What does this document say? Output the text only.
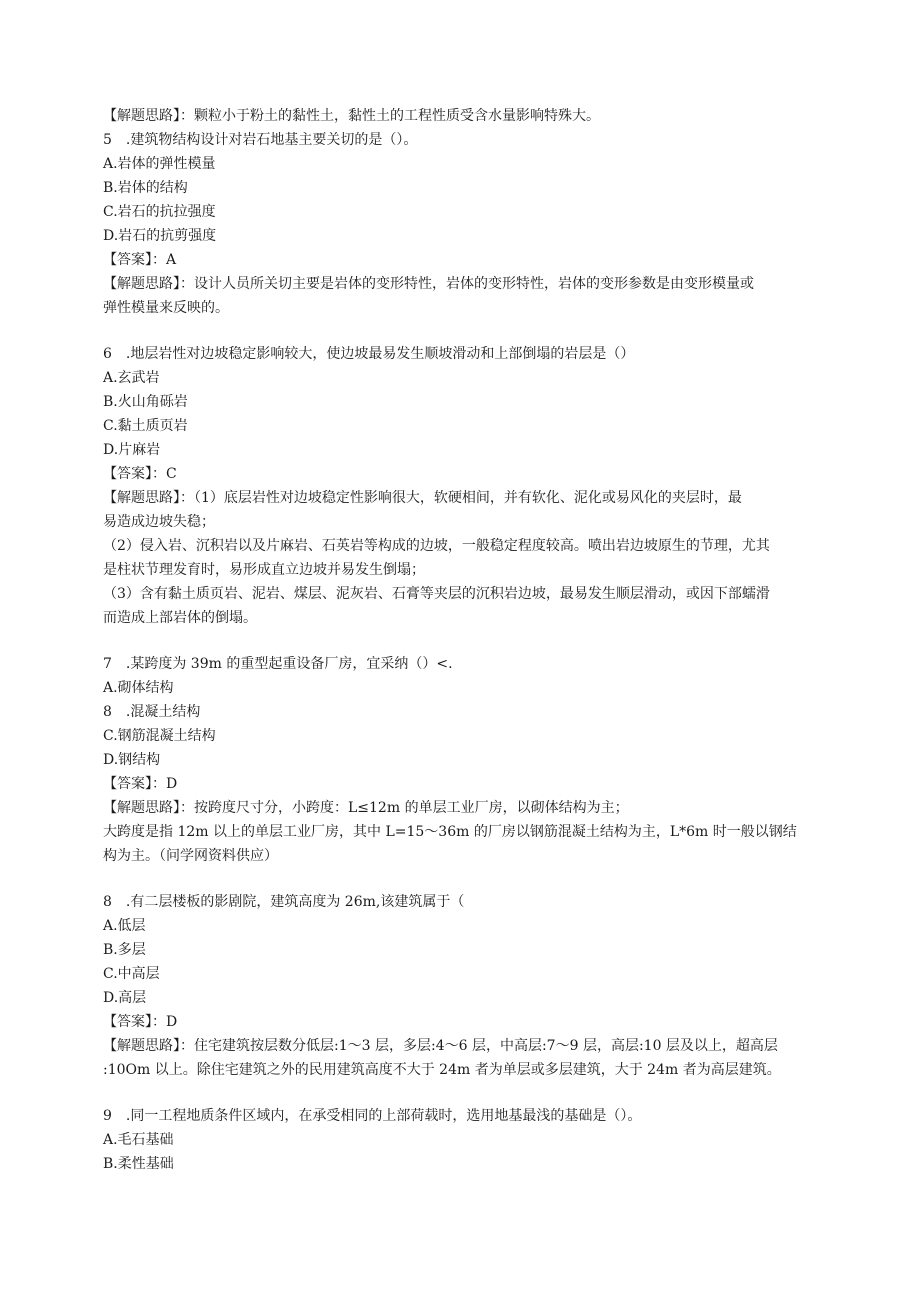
【解题思路】：颗粒小于粉土的黏性土，黏性土的工程性质受含水量影响特殊大。
5　.建筑物结构设计对岩石地基主要关切的是（）。
A.岩体的弹性模量
B.岩体的结构
C.岩石的抗拉强度
D.岩石的抗剪强度
【答案】：A
【解题思路】：设计人员所关切主要是岩体的变形特性，岩体的变形特性，岩体的变形参数是由变形模量或
弹性模量来反映的。
6　.地层岩性对边坡稳定影响较大，使边坡最易发生顺坡滑动和上部倒塌的岩层是（）
A.玄武岩
B.火山角砾岩
C.黏土质页岩
D.片麻岩
【答案】：C
【解题思路】：（1）底层岩性对边坡稳定性影响很大，软硬相间，并有软化、泥化或易风化的夹层时，最
易造成边坡失稳；
（2）侵入岩、沉积岩以及片麻岩、石英岩等构成的边坡，一般稳定程度较高。喷出岩边坡原生的节理，尤其
是柱状节理发育时，易形成直立边坡并易发生倒塌；
（3）含有黏土质页岩、泥岩、煤层、泥灰岩、石膏等夹层的沉积岩边坡，最易发生顺层滑动，或因下部蠕滑
而造成上部岩体的倒塌。
7　.某跨度为 39m 的重型起重设备厂房，宜采纳（）<.
A.砌体结构
8　.混凝土结构
C.钢筋混凝土结构
D.钢结构
【答案】：D
【解题思路】：按跨度尺寸分，小跨度：L≤12m 的单层工业厂房，以砌体结构为主；
大跨度是指 12m 以上的单层工业厂房，其中 L=15～36m 的厂房以钢筋混凝土结构为主，L*6m 时一般以钢结
构为主。（问学网资料供应）
8　.有二层楼板的影剧院，建筑高度为 26m,该建筑属于（
A.低层
B.多层
C.中高层
D.高层
【答案】：D
【解题思路】：住宅建筑按层数分低层:1～3 层，多层:4～6 层，中高层:7～9 层，高层:10 层及以上，超高层
:10Om 以上。除住宅建筑之外的民用建筑高度不大于 24m 者为单层或多层建筑，大于 24m 者为高层建筑。
9　.同一工程地质条件区域内，在承受相同的上部荷载时，选用地基最浅的基础是（）。
A.毛石基础
B.柔性基础
